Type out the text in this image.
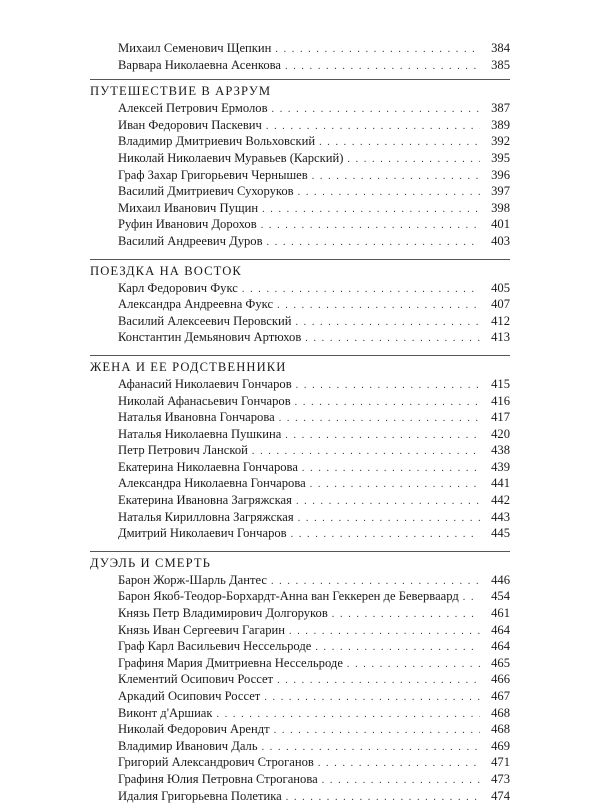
Михаил Семенович Щепкин . . .	384
Варвара Николаевна Асенкова . . .	385
ПУТЕШЕСТВИЕ В АРЗРУМ
Алексей Петрович Ермолов . . .	387
Иван Федорович Паскевич . . .	389
Владимир Дмитриевич Вольховский . . .	392
Николай Николаевич Муравьев (Карский) . . .	395
Граф Захар Григорьевич Чернышев . . .	396
Василий Дмитриевич Сухоруков . . .	397
Михаил Иванович Пущин . . .	398
Руфин Иванович Дорохов . . .	401
Василий Андреевич Дуров . . .	403
ПОЕЗДКА НА ВОСТОК
Карл Федорович Фукс . . .	405
Александра Андреевна Фукс . . .	407
Василий Алексеевич Перовский . . .	412
Константин Демьянович Артюхов . . .	413
ЖЕНА И ЕЕ РОДСТВЕННИКИ
Афанасий Николаевич Гончаров . . .	415
Николай Афанасьевич Гончаров . . .	416
Наталья Ивановна Гончарова . . .	417
Наталья Николаевна Пушкина . . .	420
Петр Петрович Ланской . . .	438
Екатерина Николаевна Гончарова . . .	439
Александра Николаевна Гончарова . . .	441
Екатерина Ивановна Загряжская . . .	442
Наталья Кирилловна Загряжская . . .	443
Дмитрий Николаевич Гончаров . . .	445
ДУЭЛЬ И СМЕРТЬ
Барон Жорж-Шарль Дантес . . .	446
Барон Якоб-Теодор-Борхардт-Анна ван Геккерен де Беверваард . . .	454
Князь Петр Владимирович Долгоруков . . .	461
Князь Иван Сергеевич Гагарин . . .	464
Граф Карл Васильевич Нессельроде . . .	464
Графиня Мария Дмитриевна Нессельроде . . .	465
Клементий Осипович Россет . . .	466
Аркадий Осипович Россет . . .	467
Виконт д'Аршиак . . .	468
Николай Федорович Арендт . . .	468
Владимир Иванович Даль . . .	469
Григорий Александрович Строганов . . .	471
Графиня Юлия Петровна Строганова . . .	473
Идалия Григорьевна Полетика . . .	474
